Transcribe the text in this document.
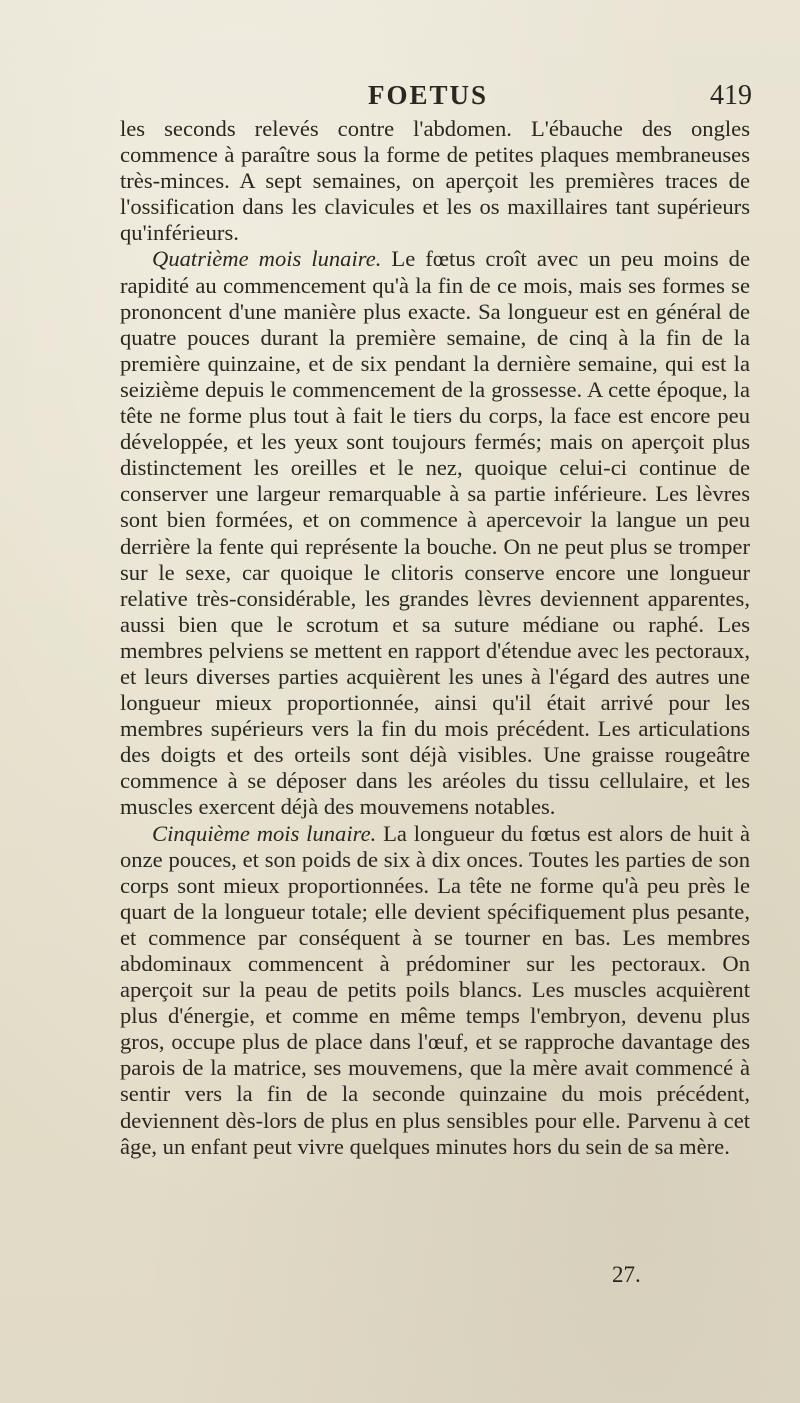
FOETUS	419

les seconds relevés contre l'abdomen. L'ébauche des ongles commence à paraître sous la forme de petites plaques membraneuses très-minces. A sept semaines, on aperçoit les premières traces de l'ossification dans les clavicules et les os maxillaires tant supérieurs qu'inférieurs.

Quatrième mois lunaire. Le fœtus croît avec un peu moins de rapidité au commencement qu'à la fin de ce mois, mais ses formes se prononcent d'une manière plus exacte. Sa longueur est en général de quatre pouces durant la première semaine, de cinq à la fin de la première quinzaine, et de six pendant la dernière semaine, qui est la seizième depuis le commencement de la grossesse. A cette époque, la tête ne forme plus tout à fait le tiers du corps, la face est encore peu développée, et les yeux sont toujours fermés; mais on aperçoit plus distinctement les oreilles et le nez, quoique celui-ci continue de conserver une largeur remarquable à sa partie inférieure. Les lèvres sont bien formées, et on commence à apercevoir la langue un peu derrière la fente qui représente la bouche. On ne peut plus se tromper sur le sexe, car quoique le clitoris conserve encore une longueur relative très-considérable, les grandes lèvres deviennent apparentes, aussi bien que le scrotum et sa suture médiane ou raphé. Les membres pelviens se mettent en rapport d'étendue avec les pectoraux, et leurs diverses parties acquièrent les unes à l'égard des autres une longueur mieux proportionnée, ainsi qu'il était arrivé pour les membres supérieurs vers la fin du mois précédent. Les articulations des doigts et des orteils sont déjà visibles. Une graisse rougeâtre commence à se déposer dans les aréoles du tissu cellulaire, et les muscles exercent déjà des mouvemens notables.

Cinquième mois lunaire. La longueur du fœtus est alors de huit à onze pouces, et son poids de six à dix onces. Toutes les parties de son corps sont mieux proportionnées. La tête ne forme qu'à peu près le quart de la longueur totale; elle devient spécifiquement plus pesante, et commence par conséquent à se tourner en bas. Les membres abdominaux commencent à prédominer sur les pectoraux. On aperçoit sur la peau de petits poils blancs. Les muscles acquièrent plus d'énergie, et comme en même temps l'embryon, devenu plus gros, occupe plus de place dans l'œuf, et se rapproche davantage des parois de la matrice, ses mouvemens, que la mère avait commencé à sentir vers la fin de la seconde quinzaine du mois précédent, deviennent dès-lors de plus en plus sensibles pour elle. Parvenu à cet âge, un enfant peut vivre quelques minutes hors du sein de sa mère.

27.
